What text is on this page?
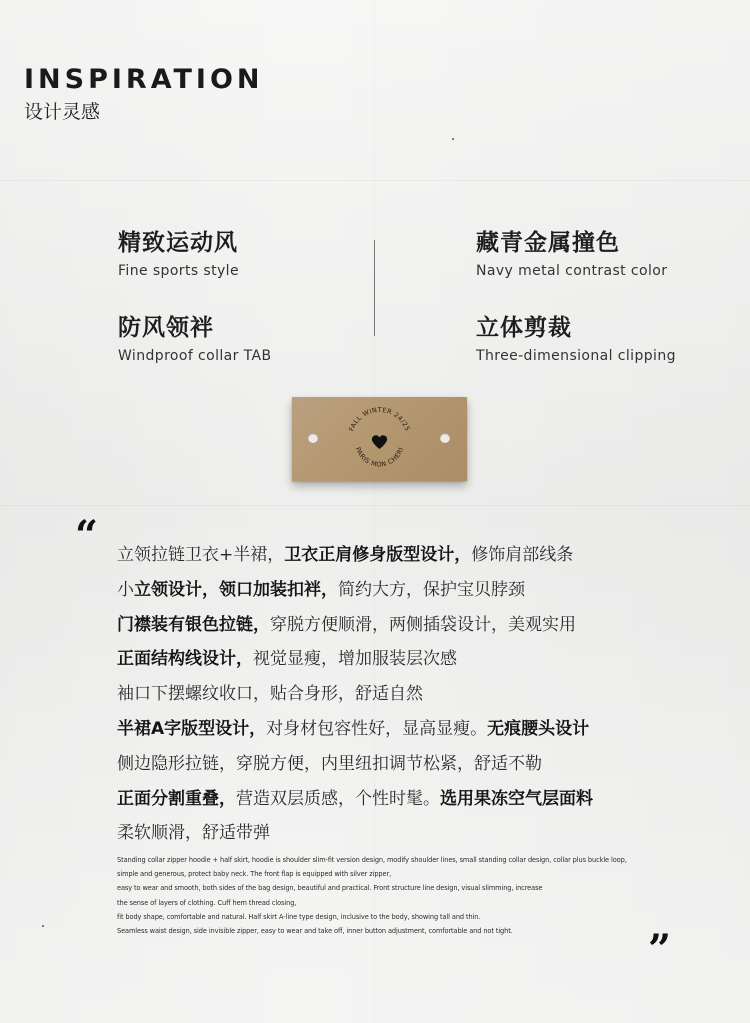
INSPIRATION
设计灵感
精致运动风
Fine sports style
藏青金属撞色
Navy metal contrast color
防风领袢
Windproof collar TAB
立体剪裁
Three-dimensional clipping
FALL WINTER 24/25
PARIS MON CHERI
“ 立领拉链卫衣+半裙，卫衣正肩修身版型设计，修饰肩部线条
小立领设计，领口加装扣袢，简约大方，保护宝贝脖颈
门襟装有银色拉链，穿脱方便顺滑，两侧插袋设计，美观实用
正面结构线设计，视觉显瘦，增加服装层次感
袖口下摆螺纹收口，贴合身形，舒适自然
半裙A字版型设计，对身材包容性好，显高显瘦。无痕腰头设计
侧边隐形拉链，穿脱方便，内里纽扣调节松紧，舒适不勒
正面分割重叠，营造双层质感，个性时髦。选用果冻空气层面料
柔软顺滑，舒适带弹
Standing collar zipper hoodie + half skirt, hoodie is shoulder slim-fit version design, modify shoulder lines, small standing collar design, collar plus buckle loop,
simple and generous, protect baby neck. The front flap is equipped with silver zipper,
easy to wear and smooth, both sides of the bag design, beautiful and practical. Front structure line design, visual slimming, increase
the sense of layers of clothing. Cuff hem thread closing,
fit body shape, comfortable and natural. Half skirt A-line type design, inclusive to the body, showing tall and thin.
Seamless waist design, side invisible zipper, easy to wear and take off, inner button adjustment, comfortable and not tight.	”
